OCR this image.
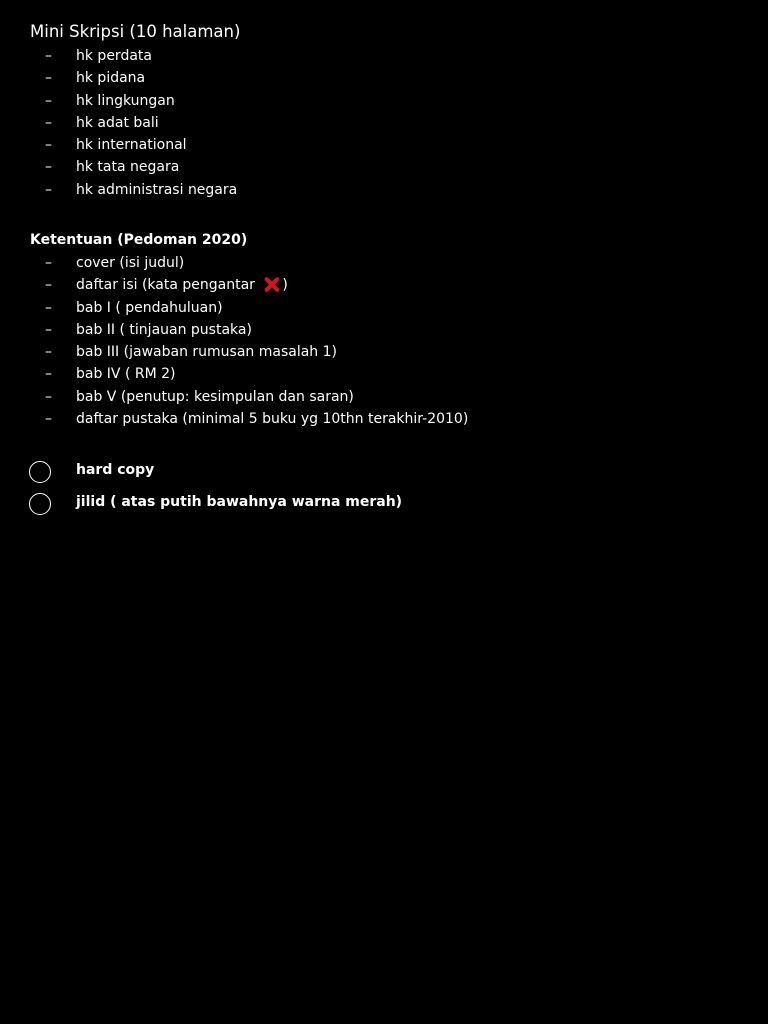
Mini Skripsi (10 halaman)
– hk perdata
– hk pidana
– hk lingkungan
– hk adat bali
– hk international
– hk tata negara
– hk administrasi negara
Ketentuan (Pedoman 2020)
– cover (isi judul)
– daftar isi (kata pengantar )
– bab I ( pendahuluan)
– bab II ( tinjauan pustaka)
– bab III (jawaban rumusan masalah 1)
– bab IV ( RM 2)
– bab V (penutup: kesimpulan dan saran)
– daftar pustaka (minimal 5 buku yg 10thn terakhir-2010)
hard copy
jilid ( atas putih bawahnya warna merah)
